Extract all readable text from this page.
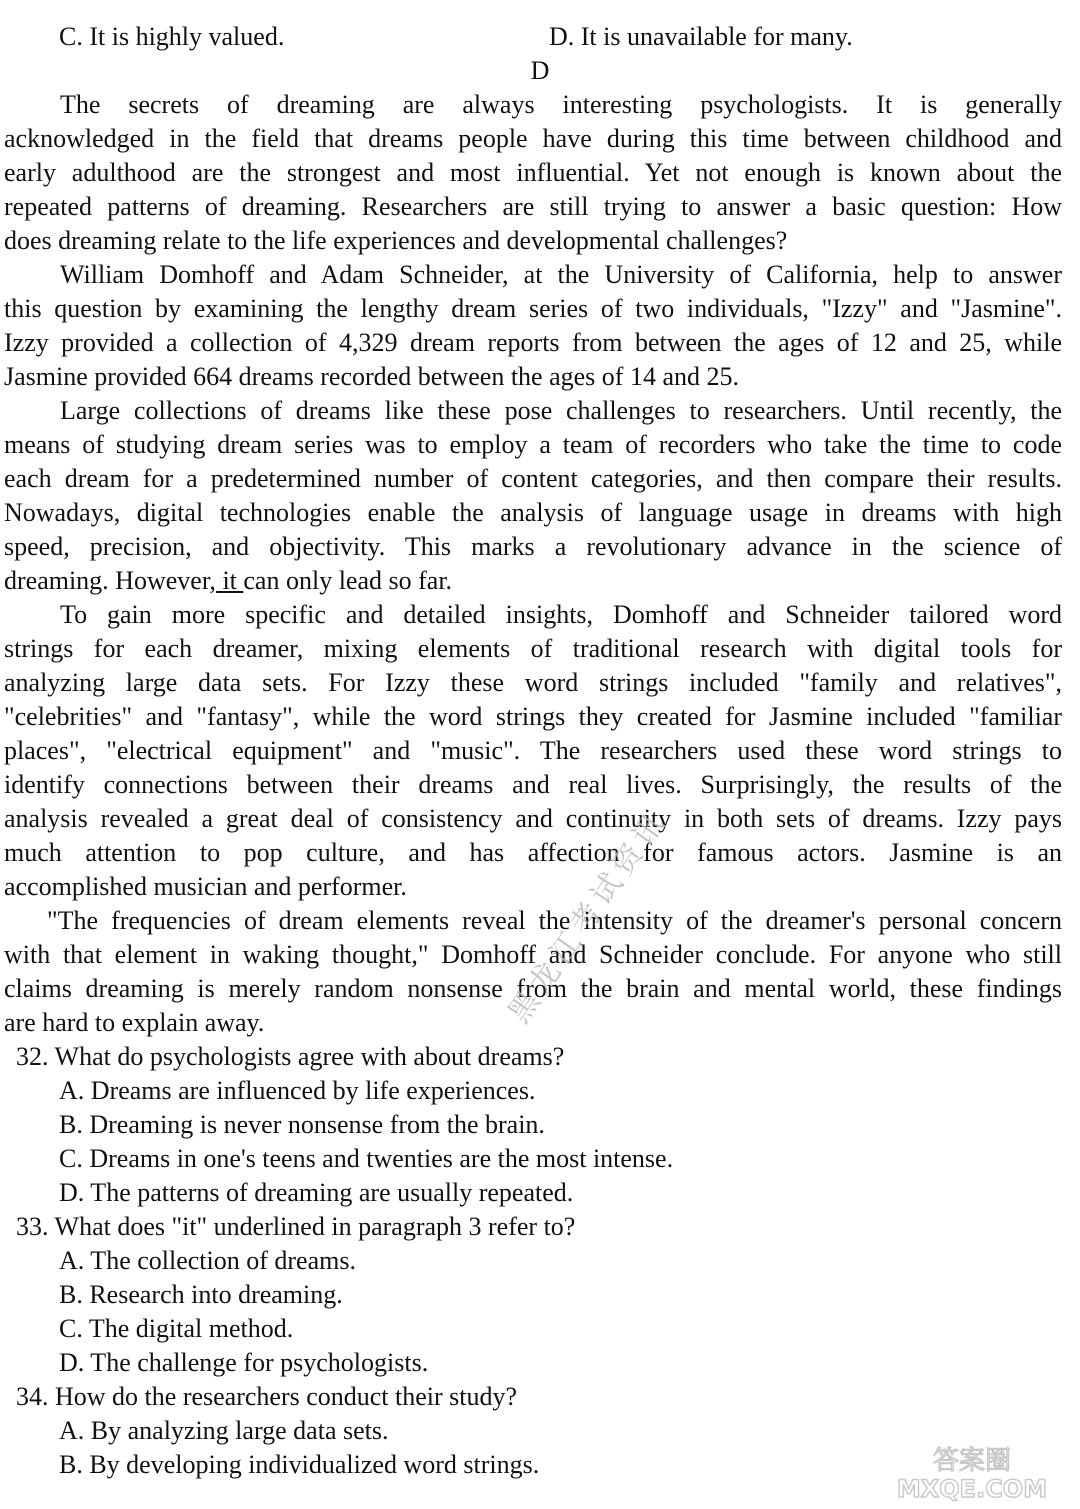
C. It is highly valued.	D. It is unavailable for many.
D
The secrets of dreaming are always interesting psychologists. It is generally
acknowledged in the field that dreams people have during this time between childhood and
early adulthood are the strongest and most influential. Yet not enough is known about the
repeated patterns of dreaming. Researchers are still trying to answer a basic question: How
does dreaming relate to the life experiences and developmental challenges?
William Domhoff and Adam Schneider, at the University of California, help to answer
this question by examining the lengthy dream series of two individuals, "Izzy" and "Jasmine".
Izzy provided a collection of 4,329 dream reports from between the ages of 12 and 25, while
Jasmine provided 664 dreams recorded between the ages of 14 and 25.
Large collections of dreams like these pose challenges to researchers. Until recently, the
means of studying dream series was to employ a team of recorders who take the time to code
each dream for a predetermined number of content categories, and then compare their results.
Nowadays, digital technologies enable the analysis of language usage in dreams with high
speed, precision, and objectivity. This marks a revolutionary advance in the science of
dreaming. However, it can only lead so far.
To gain more specific and detailed insights, Domhoff and Schneider tailored word
strings for each dreamer, mixing elements of traditional research with digital tools for
analyzing large data sets. For Izzy these word strings included "family and relatives",
"celebrities" and "fantasy", while the word strings they created for Jasmine included "familiar
places", "electrical equipment" and "music". The researchers used these word strings to
identify connections between their dreams and real lives. Surprisingly, the results of the
analysis revealed a great deal of consistency and continuity in both sets of dreams. Izzy pays
much attention to pop culture, and has affection for famous actors. Jasmine is an
accomplished musician and performer.
"The frequencies of dream elements reveal the intensity of the dreamer's personal concern
with that element in waking thought," Domhoff and Schneider conclude. For anyone who still
claims dreaming is merely random nonsense from the brain and mental world, these findings
are hard to explain away.
32. What do psychologists agree with about dreams?
A. Dreams are influenced by life experiences.
B. Dreaming is never nonsense from the brain.
C. Dreams in one's teens and twenties are the most intense.
D. The patterns of dreaming are usually repeated.
33. What does "it" underlined in paragraph 3 refer to?
A. The collection of dreams.
B. Research into dreaming.
C. The digital method.
D. The challenge for psychologists.
34. How do the researchers conduct their study?
A. By analyzing large data sets.
B. By developing individualized word strings.
黑龙江考试资讯
答案圈
MXQE.COM
